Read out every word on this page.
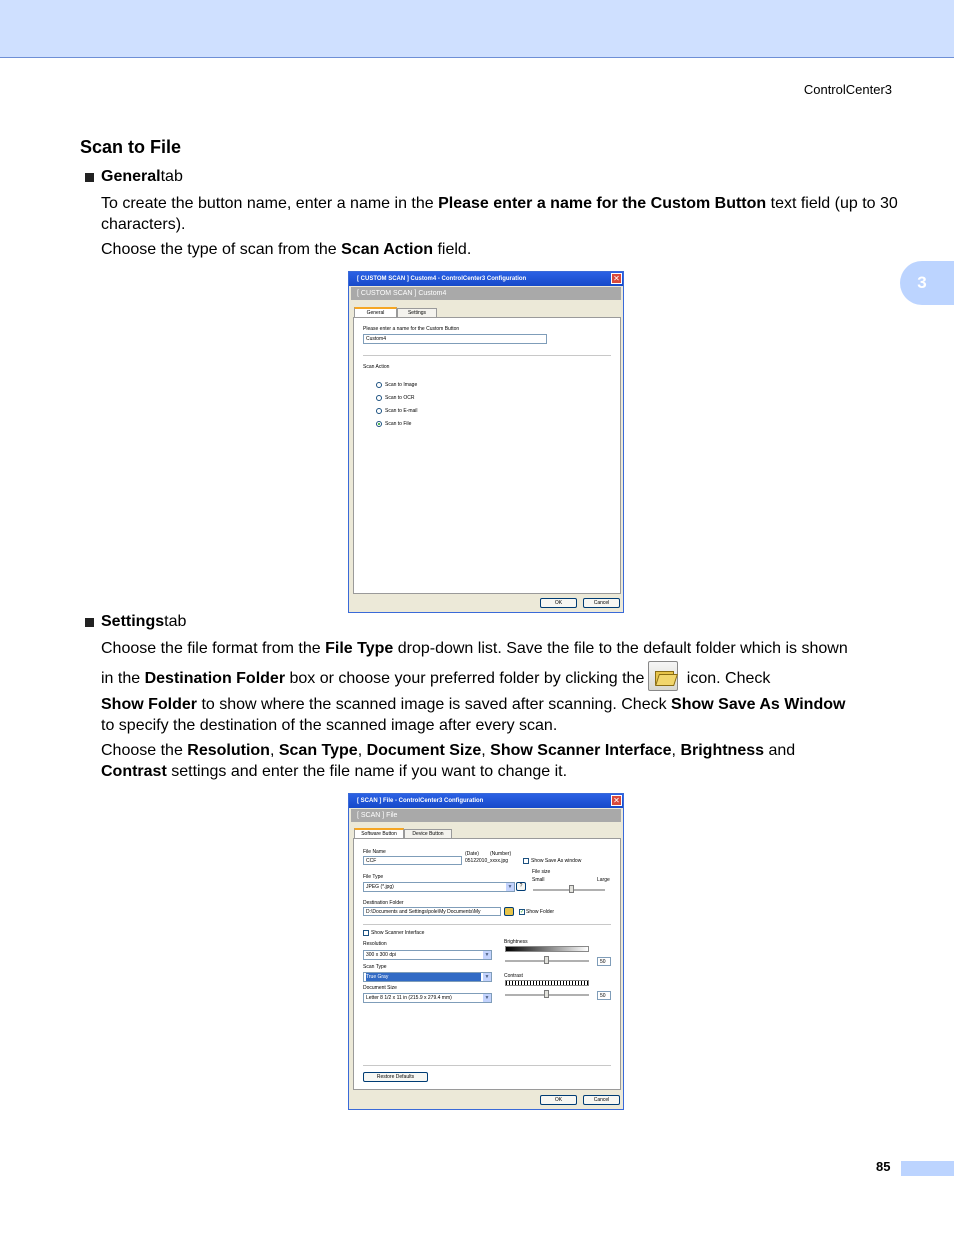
ControlCenter3
3
Scan to File
General tab
To create the button name, enter a name in the Please enter a name for the Custom Button text field (up to 30 characters).
Choose the type of scan from the Scan Action field.
[ CUSTOM SCAN ] Custom4 - ControlCenter3 Configuration	✕
[ CUSTOM SCAN ] Custom4
General	Settings
Please enter a name for the Custom Button
Custom4
Scan Action
Scan to Image
Scan to OCR
Scan to E-mail
Scan to File
OK	Cancel
Settings tab
Choose the file format from the File Type drop-down list. Save the file to the default folder which is shown
in the Destination Folder box or choose your preferred folder by clicking the icon. Check
Show Folder to show where the scanned image is saved after scanning. Check Show Save As Window
to specify the destination of the scanned image after every scan.
Choose the Resolution, Scan Type, Document Size, Show Scanner Interface, Brightness and
Contrast settings and enter the file name if you want to change it.
[ SCAN ] File - ControlCenter3 Configuration	✕
[ SCAN ] File
Software Button	Device Button
File Name	(Date) (Number)
CCF	05122010_xxxx.jpg	Show Save As window
File Type
JPEG (*.jpg)	▼
File size
Small	Large
?
Destination Folder
D:\Documents and Settings\pole\My Documents\My	✓ Show Folder
Show Scanner Interface
Resolution
300 x 300 dpi	▼
Scan Type
True Gray	▼
Document Size
Letter 8 1/2 x 11 in (215.9 x 279.4 mm)	▼
Brightness
50
Contrast
50
Restore Defaults
OK	Cancel
85
